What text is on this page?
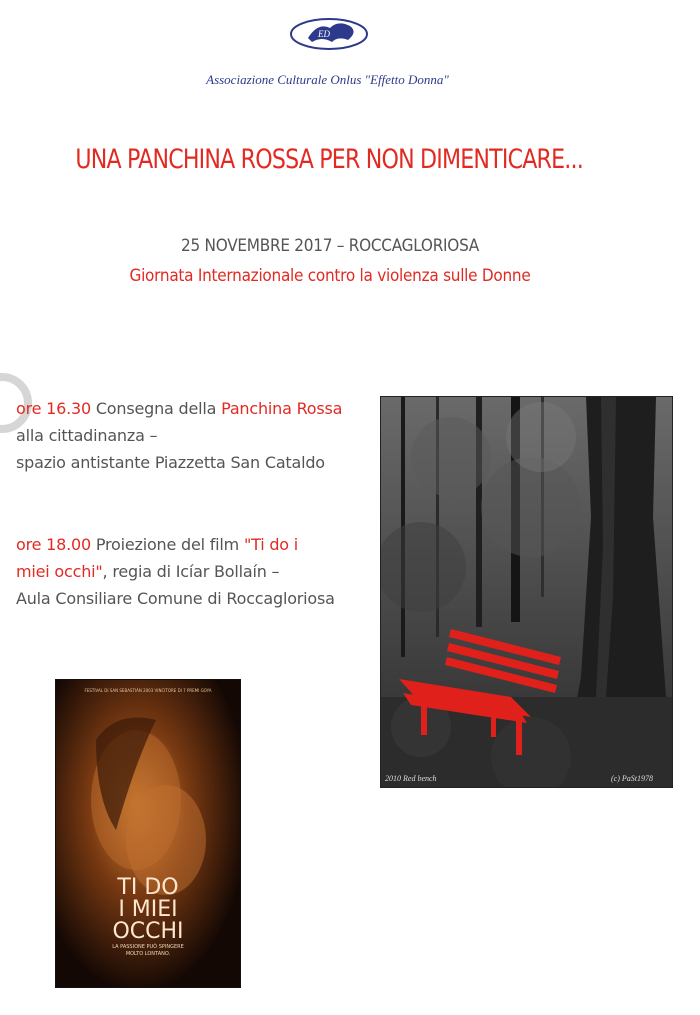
ED
Associazione Culturale Onlus "Effetto Donna"
UNA PANCHINA ROSSA PER NON DIMENTICARE...
25 NOVEMBRE 2017 – ROCCAGLORIOSA
Giornata Internazionale contro la violenza sulle Donne
ore 16.30 Consegna della Panchina Rossa
alla cittadinanza –
spazio antistante Piazzetta San Cataldo
ore 18.00 Proiezione del film "Ti do i
miei occhi", regia di Icíar Bollaín –
Aula Consiliare Comune di Roccagloriosa
2010 Red bench	(c) PaSt1978
FESTIVAL DI SAN SEBASTIÁN 2003 VINCITORE DI 7 PREMI GOYA
TI DO
I MIEI
OCCHI
LA PASSIONE PUÒ SPINGERE
MOLTO LONTANO.
